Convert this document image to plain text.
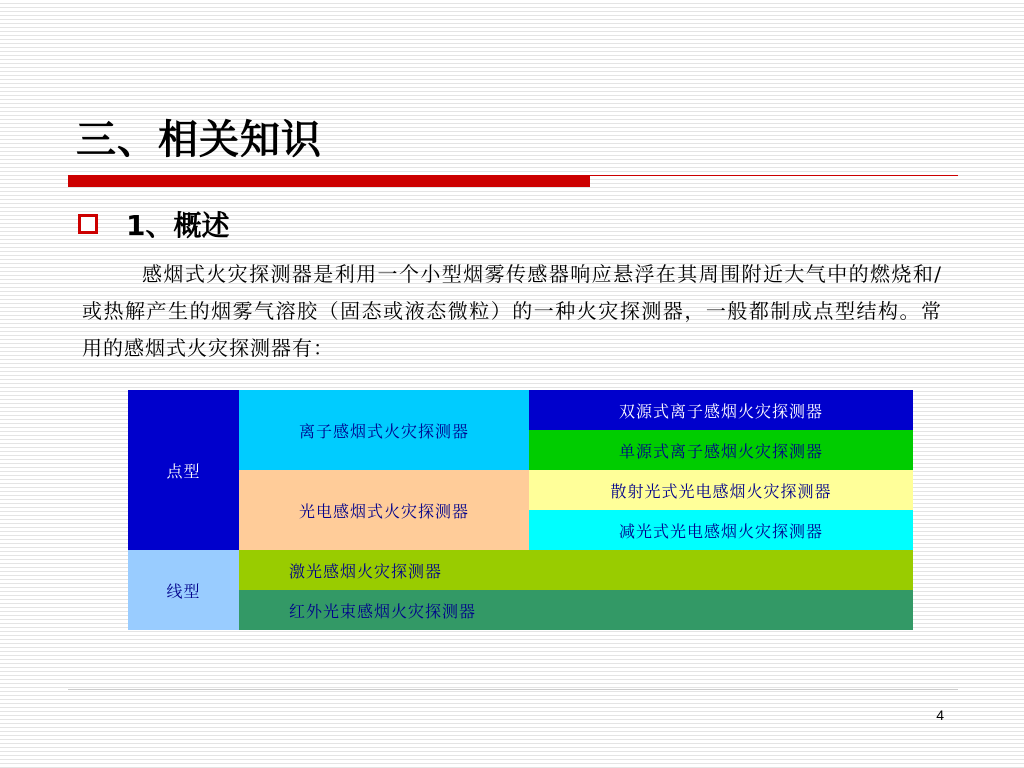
三、相关知识
1、概述

感烟式火灾探测器是利用一个小型烟雾传感器响应悬浮在其周围附近大气中的燃烧和/或热解产生的烟雾气溶胶（固态或液态微粒）的一种火灾探测器，一般都制成点型结构。常用的感烟式火灾探测器有：

点型
离子感烟式火灾探测器
双源式离子感烟火灾探测器
单源式离子感烟火灾探测器
光电感烟式火灾探测器
散射光式光电感烟火灾探测器
减光式光电感烟火灾探测器
线型
激光感烟火灾探测器
红外光束感烟火灾探测器
4
